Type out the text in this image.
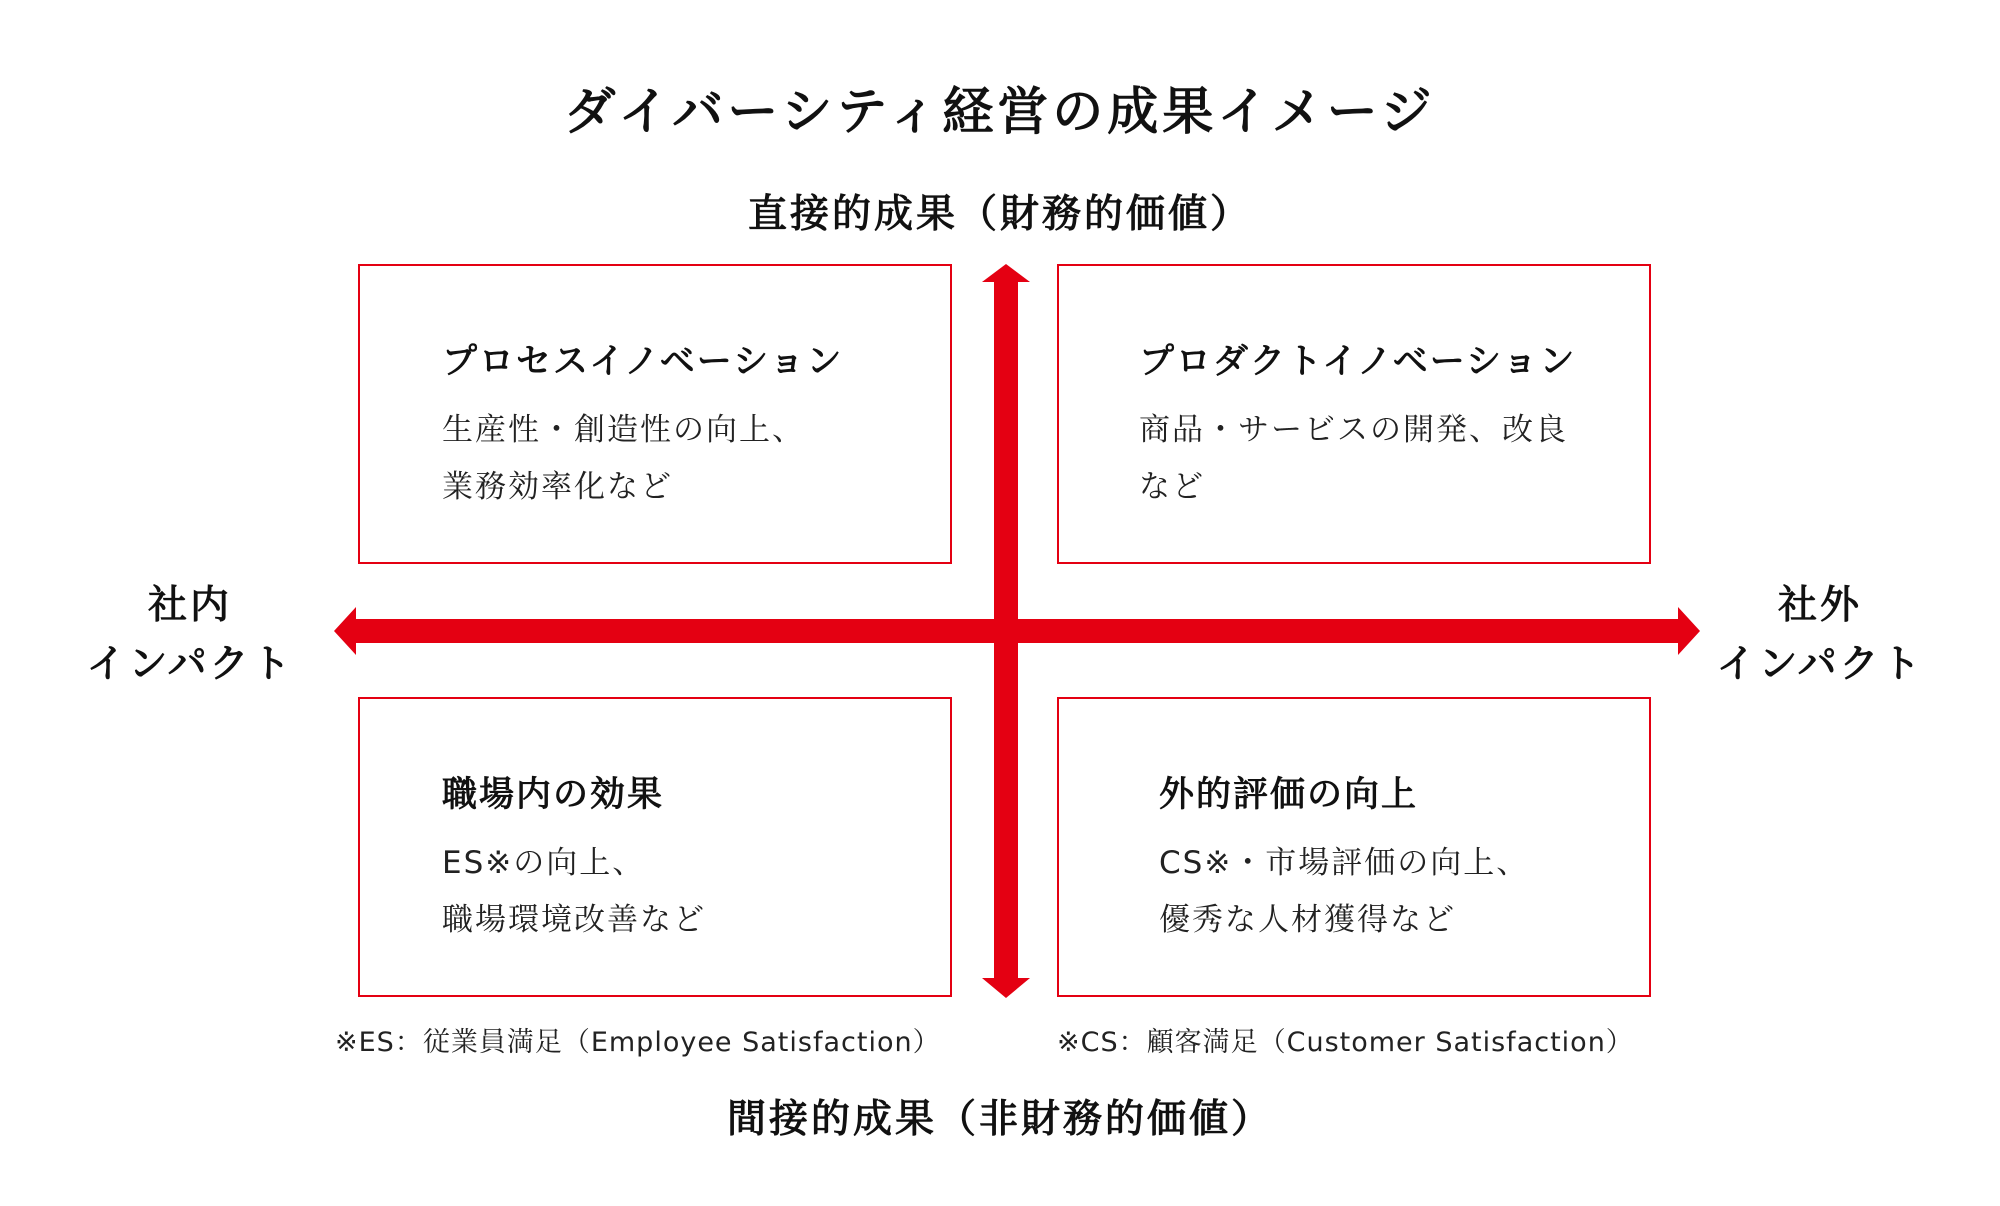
ダイバーシティ経営の成果イメージ
直接的成果（財務的価値）
社内
インパクト
社外
インパクト
プロセスイノベーション
生産性・創造性の向上、
業務効率化など
プロダクトイノベーション
商品・サービスの開発、改良
など
職場内の効果
ES※の向上、
職場環境改善など
外的評価の向上
CS※・市場評価の向上、
優秀な人材獲得など
※ES：従業員満足（Employee Satisfaction）	※CS：顧客満足（Customer Satisfaction）
間接的成果（非財務的価値）
